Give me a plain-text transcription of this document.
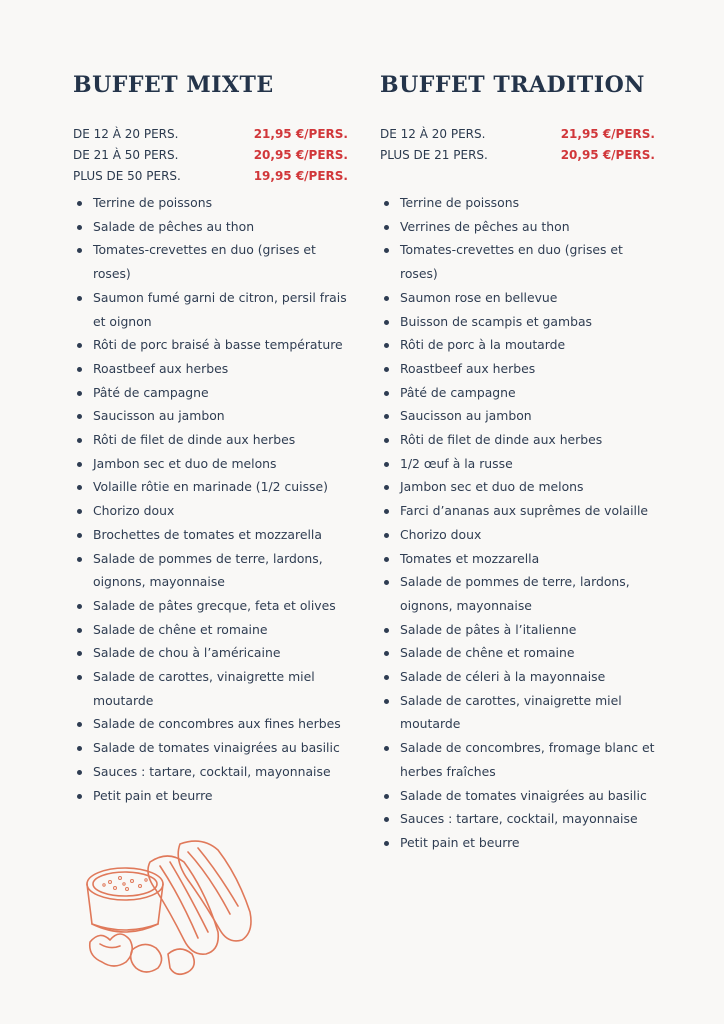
BUFFET MIXTE
DE 12 À 20 PERS.	21,95 €/PERS.
DE 21 À 50 PERS.	20,95 €/PERS.
PLUS DE 50 PERS.	19,95 €/PERS.
Terrine de poissons
Salade de pêches au thon
Tomates-crevettes en duo (grises et roses)
Saumon fumé garni de citron, persil frais et oignon
Rôti de porc braisé à basse température
Roastbeef aux herbes
Pâté de campagne
Saucisson au jambon
Rôti de filet de dinde aux herbes
Jambon sec et duo de melons
Volaille rôtie en marinade (1/2 cuisse)
Chorizo doux
Brochettes de tomates et mozzarella
Salade de pommes de terre, lardons, oignons, mayonnaise
Salade de pâtes grecque, feta et olives
Salade de chêne et romaine
Salade de chou à l’américaine
Salade de carottes, vinaigrette miel moutarde
Salade de concombres aux fines herbes
Salade de tomates vinaigrées au basilic
Sauces : tartare, cocktail, mayonnaise
Petit pain et beurre
BUFFET TRADITION
DE 12 À 20 PERS.	21,95 €/PERS.
PLUS DE 21 PERS.	20,95 €/PERS.
Terrine de poissons
Verrines de pêches au thon
Tomates-crevettes en duo (grises et roses)
Saumon rose en bellevue
Buisson de scampis et gambas
Rôti de porc à la moutarde
Roastbeef aux herbes
Pâté de campagne
Saucisson au jambon
Rôti de filet de dinde aux herbes
1/2 œuf à la russe
Jambon sec et duo de melons
Farci d’ananas aux suprêmes de volaille
Chorizo doux
Tomates et mozzarella
Salade de pommes de terre, lardons, oignons, mayonnaise
Salade de pâtes à l’italienne
Salade de chêne et romaine
Salade de céleri à la mayonnaise
Salade de carottes, vinaigrette miel moutarde
Salade de concombres, fromage blanc et herbes fraîches
Salade de tomates vinaigrées au basilic
Sauces : tartare, cocktail, mayonnaise
Petit pain et beurre
